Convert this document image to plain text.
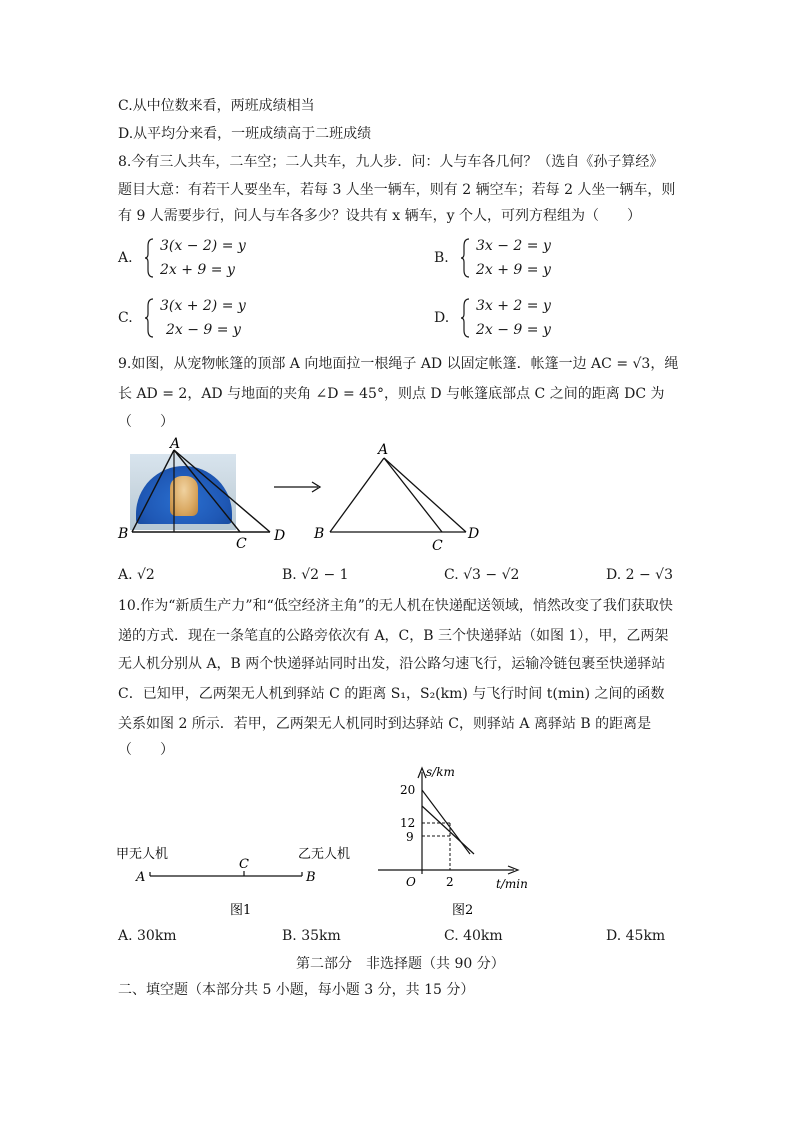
C.从中位数来看，两班成绩相当
D.从平均分来看，一班成绩高于二班成绩
8.今有三人共车，二车空；二人共车，九人步．问：人与车各几何？（选自《孙子算经》
题目大意：有若干人要坐车，若每 3 人坐一辆车，则有 2 辆空车；若每 2 人坐一辆车，则
有 9 人需要步行，问人与车各多少？设共有 x 辆车，y 个人，可列方程组为（　　）
A.
3(x − 2) = y
2x + 9 = y
B.
3x − 2 = y
2x + 9 = y
C.
3(x + 2) = y
2x − 9 = y
D.
3x + 2 = y
2x − 9 = y
9.如图，从宠物帐篷的顶部 A 向地面拉一根绳子 AD 以固定帐篷．帐篷一边 AC = √3，绳
长 AD = 2，AD 与地面的夹角 ∠D = 45°，则点 D 与帐篷底部点 C 之间的距离 DC 为
（　　）
A
B
C D
A
B
C
D
A. √2	B. √2 − 1	C. √3 − √2	D. 2 − √3
10.作为“新质生产力”和“低空经济主角”的无人机在快递配送领域，悄然改变了我们获取快
递的方式．现在一条笔直的公路旁依次有 A，C，B 三个快递驿站（如图 1），甲，乙两架
无人机分别从 A，B 两个快递驿站同时出发，沿公路匀速飞行，运输冷链包裹至快递驿站
C．已知甲，乙两架无人机到驿站 C 的距离 S₁，S₂(km) 与飞行时间 t(min) 之间的函数
关系如图 2 所示．若甲，乙两架无人机同时到达驿站 C，则驿站 A 离驿站 B 的距离是
（　　）
甲无人机	乙无人机
A
C
B
图1
s/km
t/min
O
20
12
9
2
图2
A. 30km	B. 35km	C. 40km	D. 45km
第二部分　非选择题（共 90 分）
二、填空题（本部分共 5 小题，每小题 3 分，共 15 分）
